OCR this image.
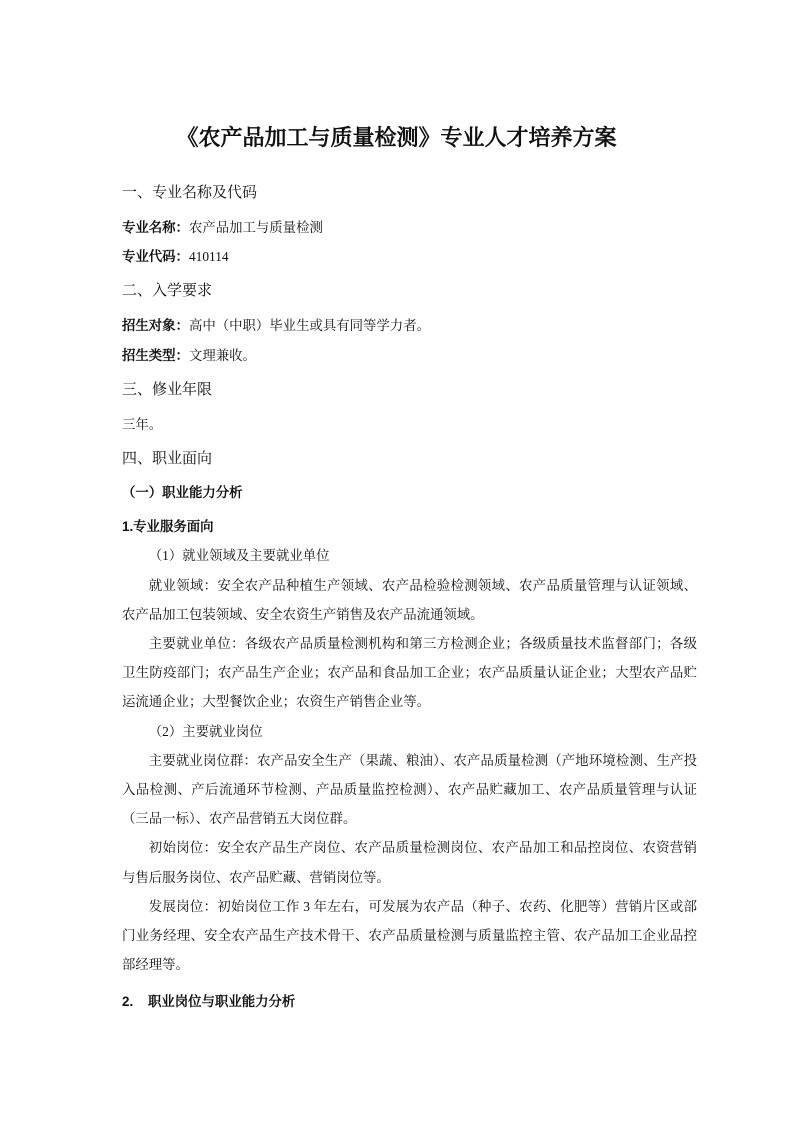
《农产品加工与质量检测》专业人才培养方案
一、专业名称及代码

专业名称：农产品加工与质量检测

专业代码：410114

二、入学要求

招生对象：高中（中职）毕业生或具有同等学力者。

招生类型：文理兼收。

三、修业年限

三年。

四、职业面向

（一）职业能力分析

1.专业服务面向

（1）就业领域及主要就业单位

就业领域：安全农产品种植生产领域、农产品检验检测领域、农产品质量管理与认证领域、农产品加工包装领域、安全农资生产销售及农产品流通领域。

主要就业单位：各级农产品质量检测机构和第三方检测企业；各级质量技术监督部门；各级卫生防疫部门；农产品生产企业；农产品和食品加工企业；农产品质量认证企业；大型农产品贮运流通企业；大型餐饮企业；农资生产销售企业等。

（2）主要就业岗位

主要就业岗位群：农产品安全生产（果蔬、粮油）、农产品质量检测（产地环境检测、生产投入品检测、产后流通环节检测、产品质量监控检测）、农产品贮藏加工、农产品质量管理与认证（三品一标）、农产品营销五大岗位群。

初始岗位：安全农产品生产岗位、农产品质量检测岗位、农产品加工和品控岗位、农资营销与售后服务岗位、农产品贮藏、营销岗位等。

发展岗位：初始岗位工作 3 年左右，可发展为农产品（种子、农药、化肥等）营销片区或部门业务经理、安全农产品生产技术骨干、农产品质量检测与质量监控主管、农产品加工企业品控部经理等。

2. 职业岗位与职业能力分析
